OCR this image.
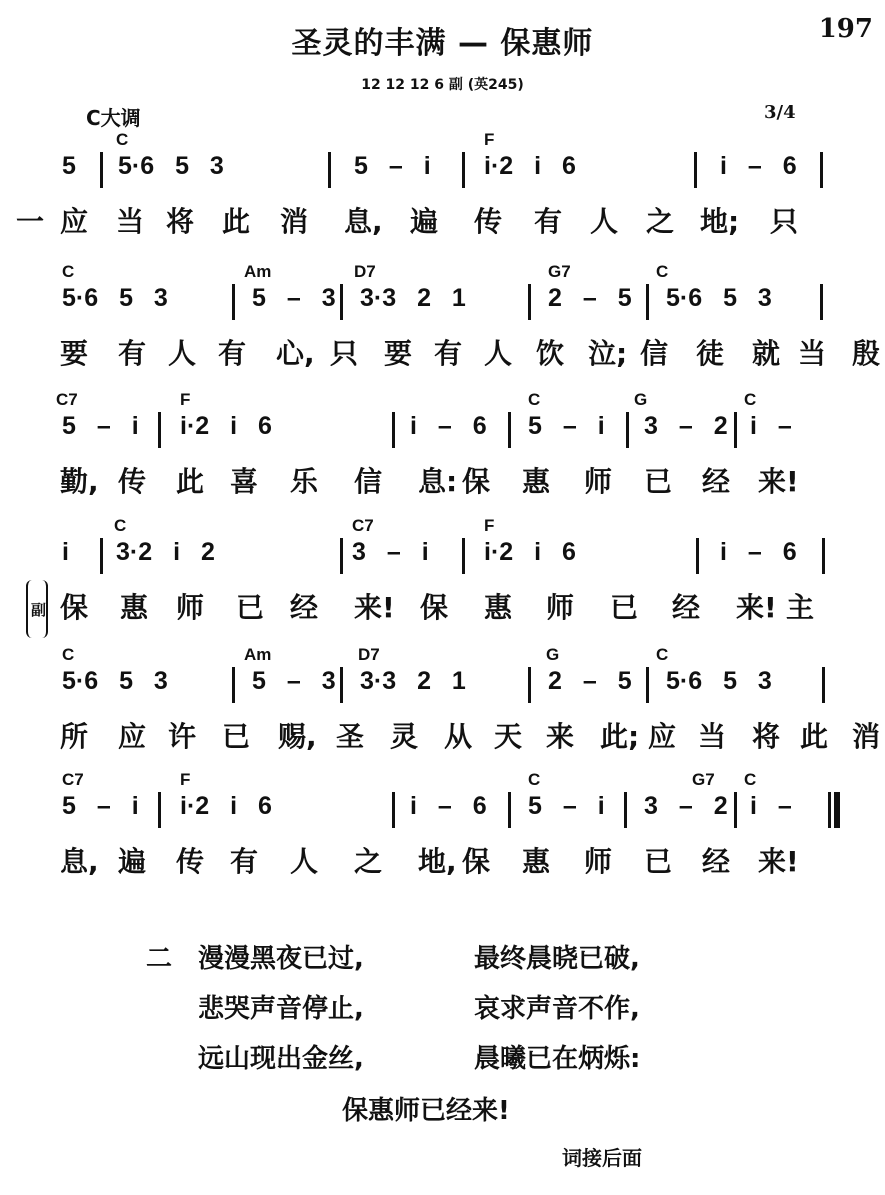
圣灵的丰满 — 保惠师	197
12 12 12 6 副 (英245)
C大调	3/4
C	F
5 5·6 5 3	5 – i i·2 i 6	i – 6
一 应 当 将 此 消 息, 遍 传 有 人 之 地; 只
C	Am	D7	G7	C
5·6 5 3	5 – 3 3·3 2 1	2 – 5 5·6 5 3
要 有 人 有 心, 只 要 有 人 饮 泣; 信 徒 就 当 殷
C7	F	C	G	C
5 – i i·2 i 6	i – 6 5 – i 3 – 2 i –
勤, 传 此 喜 乐 信 息: 保 惠 师 已 经 来!
C	C7	F
i 3·2 i 2	3 – i i·2 i 6	i – 6
保 惠 师 已 经 来! 保 惠 师 已 经 来! 主
C	Am	D7	G	C
5·6 5 3	5 – 3 3·3 2 1	2 – 5 5·6 5 3
所 应 许 已 赐, 圣 灵 从 天 来 此; 应 当 将 此 消
C7	F	C	G7 C
5 – i i·2 i 6	i – 6 5 – i 3 – 2 i –
息, 遍 传 有 人 之 地, 保 惠 师 已 经 来!
副
二 漫漫黑夜已过,	最终晨晓已破,
悲哭声音停止,	哀求声音不作,
远山现出金丝,	晨曦已在炳烁:
保惠师已经来!
词接后面
